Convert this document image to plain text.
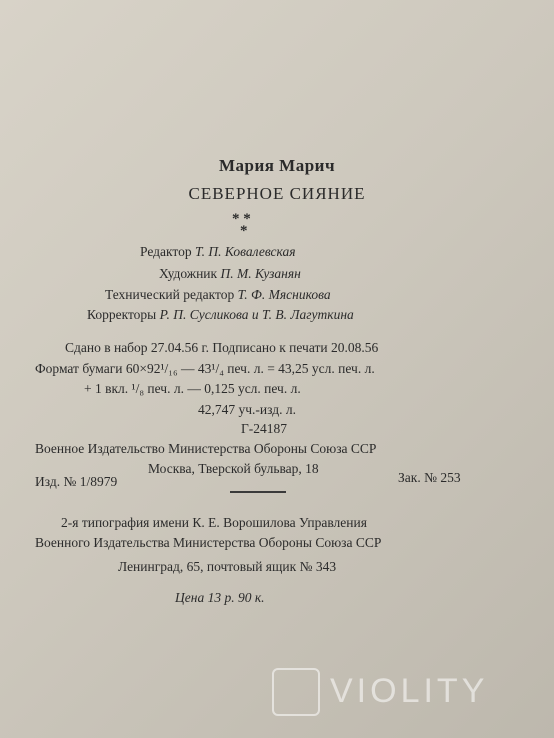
Мария Марич
СЕВЕРНОЕ СИЯНИЕ
* *
*
Редактор Т. П. Ковалевская
Художник П. М. Кузанян
Технический редактор Т. Ф. Мясникова
Корректоры Р. П. Сусликова и Т. В. Лагуткина
Сдано в набор 27.04.56 г. Подписано к печати 20.08.56
Формат бумаги 60×92¹/₁₆ — 43¹/₄ печ. л. = 43,25 усл. печ. л.
+ 1 вкл. ¹/₈ печ. л. — 0,125 усл. печ. л.
42,747 уч.-изд. л.
Г-24187
Военное Издательство Министерства Обороны Союза ССР
Москва, Тверской бульвар, 18
Изд. № 1/8979	Зак. № 253
2-я типография имени К. Е. Ворошилова Управления
Военного Издательства Министерства Обороны Союза ССР
Ленинград, 65, почтовый ящик № 343
Цена 13 р. 90 к.
VIOLITY
